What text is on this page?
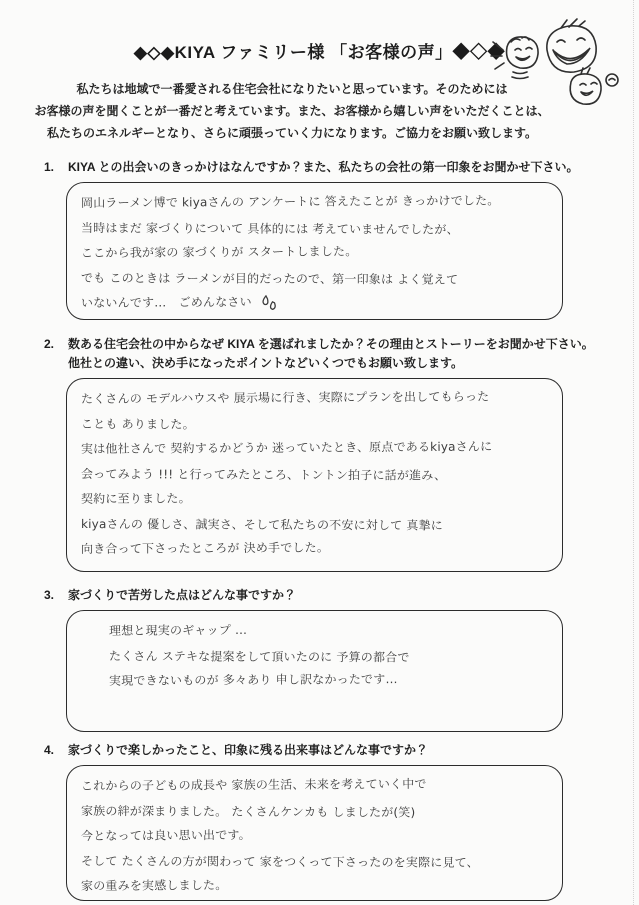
◆◇◆KIYA ファミリー様 「お客様の声」◆◇◆
私たちは地域で一番愛される住宅会社になりたいと思っています。そのためには
お客様の声を聞くことが一番だと考えています。また、お客様から嬉しい声をいただくことは、
私たちのエネルギーとなり、さらに頑張っていく力になります。ご協力をお願い致します。
1. KIYA との出会いのきっかけはなんですか？また、私たちの会社の第一印象をお聞かせ下さい。
岡山ラーメン博で kiyaさんの アンケートに 答えたことが きっかけでした。
当時はまだ 家づくりについて 具体的には 考えていませんでしたが、
ここから我が家の 家づくりが スタートしました。
でも このときは ラーメンが目的だったので、第一印象は よく覚えて
いないんです…　ごめんなさい
2. 数ある住宅会社の中からなぜ KIYA を選ばれましたか？その理由とストーリーをお聞かせ下さい。
他社との違い、決め手になったポイントなどいくつでもお願い致します。
たくさんの モデルハウスや 展示場に行き、実際にプランを出してもらった
ことも ありました。
実は他社さんで 契約するかどうか 迷っていたとき、原点であるkiyaさんに
会ってみよう !!! と行ってみたところ、トントン拍子に話が進み、
契約に至りました。
kiyaさんの 優しさ、誠実さ、そして私たちの不安に対して 真摯に
向き合って下さったところが 決め手でした。
3. 家づくりで苦労した点はどんな事ですか？
理想と現実のギャップ …
たくさん ステキな提案をして頂いたのに 予算の都合で
実現できないものが 多々あり 申し訳なかったです…
4. 家づくりで楽しかったこと、印象に残る出来事はどんな事ですか？
これからの子どもの成長や 家族の生活、未来を考えていく中で
家族の絆が深まりました。 たくさんケンカも しましたが(笑)
今となっては良い思い出です。
そして たくさんの方が関わって 家をつくって下さったのを実際に見て、
家の重みを実感しました。
